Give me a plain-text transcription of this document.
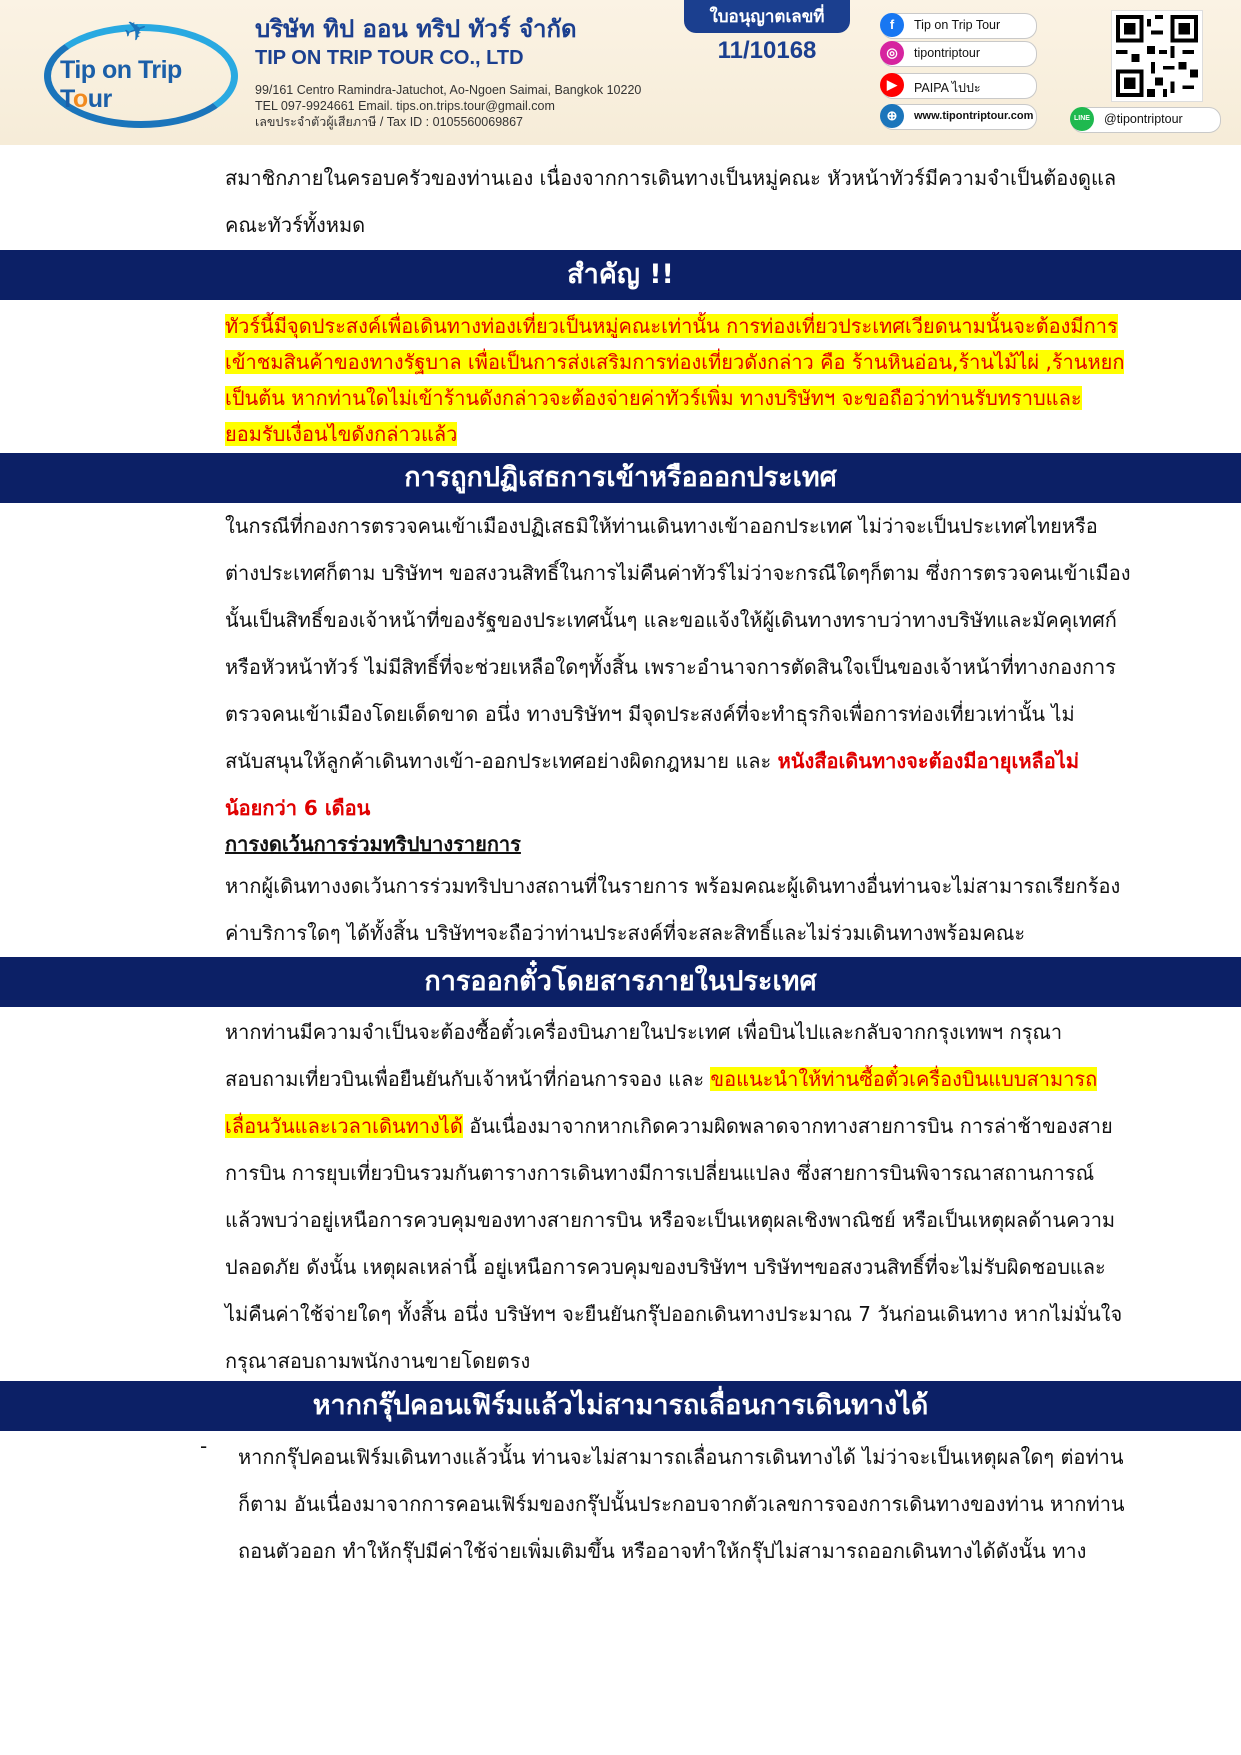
✈
Tip on Trip Tour
บริษัท ทิป ออน ทริป ทัวร์ จำกัด
TIP ON TRIP TOUR CO., LTD
99/161 Centro Ramindra-Jatuchot, Ao-Ngoen Saimai, Bangkok 10220
TEL 097-9924661 Email. tips.on.trips.tour@gmail.com
เลขประจำตัวผู้เสียภาษี / Tax ID : 0105560069867
ใบอนุญาตเลขที่
11/10168
f	Tip on Trip Tour
◎	tipontriptour
▶	PAIPA ไปปะ
⊕	www.tipontriptour.com	LINE	@tipontriptour
สมาชิกภายในครอบครัวของท่านเอง เนื่องจากการเดินทางเป็นหมู่คณะ หัวหน้าทัวร์มีความจำเป็นต้องดูแล
คณะทัวร์ทั้งหมด
สำคัญ !!
ทัวร์นี้มีจุดประสงค์เพื่อเดินทางท่องเที่ยวเป็นหมู่คณะเท่านั้น การท่องเที่ยวประเทศเวียดนามนั้นจะต้องมีการ
เข้าชมสินค้าของทางรัฐบาล เพื่อเป็นการส่งเสริมการท่องเที่ยวดังกล่าว คือ ร้านหินอ่อน,ร้านไม้ไผ่ ,ร้านหยก
เป็นต้น หากท่านใดไม่เข้าร้านดังกล่าวจะต้องจ่ายค่าทัวร์เพิ่ม ทางบริษัทฯ จะขอถือว่าท่านรับทราบและ
ยอมรับเงื่อนไขดังกล่าวแล้ว
การถูกปฏิเสธการเข้าหรือออกประเทศ
ในกรณีที่กองการตรวจคนเข้าเมืองปฏิเสธมิให้ท่านเดินทางเข้าออกประเทศ ไม่ว่าจะเป็นประเทศไทยหรือ
ต่างประเทศก็ตาม บริษัทฯ ขอสงวนสิทธิ์ในการไม่คืนค่าทัวร์ไม่ว่าจะกรณีใดๆก็ตาม ซึ่งการตรวจคนเข้าเมือง
นั้นเป็นสิทธิ์ของเจ้าหน้าที่ของรัฐของประเทศนั้นๆ และขอแจ้งให้ผู้เดินทางทราบว่าทางบริษัทและมัคคุเทศก์
หรือหัวหน้าทัวร์ ไม่มีสิทธิ์ที่จะช่วยเหลือใดๆทั้งสิ้น เพราะอำนาจการตัดสินใจเป็นของเจ้าหน้าที่ทางกองการ
ตรวจคนเข้าเมืองโดยเด็ดขาด อนึ่ง ทางบริษัทฯ มีจุดประสงค์ที่จะทำธุรกิจเพื่อการท่องเที่ยวเท่านั้น ไม่
สนับสนุนให้ลูกค้าเดินทางเข้า-ออกประเทศอย่างผิดกฎหมาย และ หนังสือเดินทางจะต้องมีอายุเหลือไม่
น้อยกว่า 6 เดือน
การงดเว้นการร่วมทริปบางรายการ
หากผู้เดินทางงดเว้นการร่วมทริปบางสถานที่ในรายการ พร้อมคณะผู้เดินทางอื่นท่านจะไม่สามารถเรียกร้อง
ค่าบริการใดๆ ได้ทั้งสิ้น บริษัทฯจะถือว่าท่านประสงค์ที่จะสละสิทธิ์และไม่ร่วมเดินทางพร้อมคณะ
การออกตั๋วโดยสารภายในประเทศ
หากท่านมีความจำเป็นจะต้องซื้อตั๋วเครื่องบินภายในประเทศ เพื่อบินไปและกลับจากกรุงเทพฯ กรุณา
สอบถามเที่ยวบินเพื่อยืนยันกับเจ้าหน้าที่ก่อนการจอง และ ขอแนะนำให้ท่านซื้อตั๋วเครื่องบินแบบสามารถ
เลื่อนวันและเวลาเดินทางได้ อันเนื่องมาจากหากเกิดความผิดพลาดจากทางสายการบิน การล่าช้าของสาย
การบิน การยุบเที่ยวบินรวมกันตารางการเดินทางมีการเปลี่ยนแปลง ซึ่งสายการบินพิจารณาสถานการณ์
แล้วพบว่าอยู่เหนือการควบคุมของทางสายการบิน หรือจะเป็นเหตุผลเชิงพาณิชย์ หรือเป็นเหตุผลด้านความ
ปลอดภัย ดังนั้น เหตุผลเหล่านี้ อยู่เหนือการควบคุมของบริษัทฯ บริษัทฯขอสงวนสิทธิ์ที่จะไม่รับผิดชอบและ
ไม่คืนค่าใช้จ่ายใดๆ ทั้งสิ้น อนึ่ง บริษัทฯ จะยืนยันกรุ๊ปออกเดินทางประมาณ 7 วันก่อนเดินทาง หากไม่มั่นใจ
กรุณาสอบถามพนักงานขายโดยตรง
หากกรุ๊ปคอนเฟิร์มแล้วไม่สามารถเลื่อนการเดินทางได้
- หากกรุ๊ปคอนเฟิร์มเดินทางแล้วนั้น ท่านจะไม่สามารถเลื่อนการเดินทางได้ ไม่ว่าจะเป็นเหตุผลใดๆ ต่อท่าน
ก็ตาม อันเนื่องมาจากการคอนเฟิร์มของกรุ๊ปนั้นประกอบจากตัวเลขการจองการเดินทางของท่าน หากท่าน
ถอนตัวออก ทำให้กรุ๊ปมีค่าใช้จ่ายเพิ่มเติมขึ้น หรืออาจทำให้กรุ๊ปไม่สามารถออกเดินทางได้ดังนั้น ทาง
